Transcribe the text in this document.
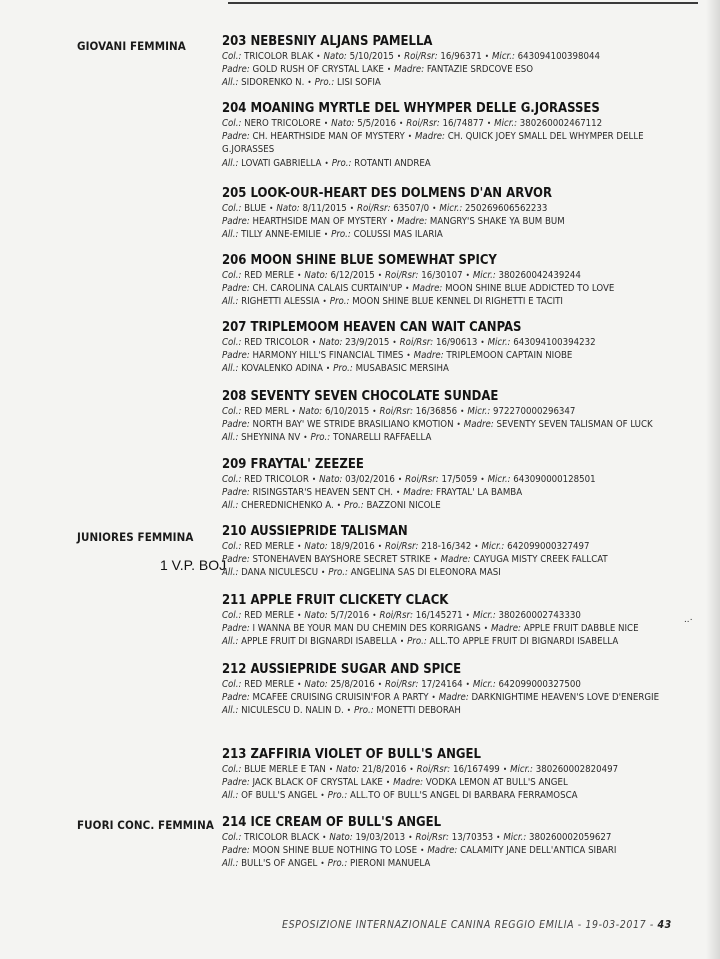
GIOVANI FEMMINA
JUNIORES FEMMINA
1 V.P. BOJ
FUORI CONC. FEMMINA
203 NEBESNIY ALJANS PAMELLA
Col.: TRICOLOR BLAK • Nato: 5/10/2015 • Roi/Rsr: 16/96371 • Micr.: 643094100398044
Padre: GOLD RUSH OF CRYSTAL LAKE • Madre: FANTAZIE SRDCOVE ESO
All.: SIDORENKO N. • Pro.: LISI SOFIA
204 MOANING MYRTLE DEL WHYMPER DELLE G.JORASSES
Col.: NERO TRICOLORE • Nato: 5/5/2016 • Roi/Rsr: 16/74877 • Micr.: 380260002467112
Padre: CH. HEARTHSIDE MAN OF MYSTERY • Madre: CH. QUICK JOEY SMALL DEL WHYMPER DELLE G.JORASSES
All.: LOVATI GABRIELLA • Pro.: ROTANTI ANDREA
205 LOOK-OUR-HEART DES DOLMENS D'AN ARVOR
Col.: BLUE • Nato: 8/11/2015 • Roi/Rsr: 63507/0 • Micr.: 250269606562233
Padre: HEARTHSIDE MAN OF MYSTERY • Madre: MANGRY'S SHAKE YA BUM BUM
All.: TILLY ANNE-EMILIE • Pro.: COLUSSI MAS ILARIA
206 MOON SHINE BLUE SOMEWHAT SPICY
Col.: RED MERLE • Nato: 6/12/2015 • Roi/Rsr: 16/30107 • Micr.: 380260042439244
Padre: CH. CAROLINA CALAIS CURTAIN'UP • Madre: MOON SHINE BLUE ADDICTED TO LOVE
All.: RIGHETTI ALESSIA • Pro.: MOON SHINE BLUE KENNEL DI RIGHETTI E TACITI
207 TRIPLEMOOM HEAVEN CAN WAIT CANPAS
Col.: RED TRICOLOR • Nato: 23/9/2015 • Roi/Rsr: 16/90613 • Micr.: 643094100394232
Padre: HARMONY HILL'S FINANCIAL TIMES • Madre: TRIPLEMOON CAPTAIN NIOBE
All.: KOVALENKO ADINA • Pro.: MUSABASIC MERSIHA
208 SEVENTY SEVEN CHOCOLATE SUNDAE
Col.: RED MERL • Nato: 6/10/2015 • Roi/Rsr: 16/36856 • Micr.: 972270000296347
Padre: NORTH BAY' WE STRIDE BRASILIANO KMOTION • Madre: SEVENTY SEVEN TALISMAN OF LUCK
All.: SHEYNINA NV • Pro.: TONARELLI RAFFAELLA
209 FRAYTAL' ZEEZEE
Col.: RED TRICOLOR • Nato: 03/02/2016 • Roi/Rsr: 17/5059 • Micr.: 643090000128501
Padre: RISINGSTAR'S HEAVEN SENT CH. • Madre: FRAYTAL' LA BAMBA
All.: CHEREDNICHENKO A. • Pro.: BAZZONI NICOLE
210 AUSSIEPRIDE TALISMAN
Col.: RED MERLE • Nato: 18/9/2016 • Roi/Rsr: 218-16/342 • Micr.: 642099000327497
Padre: STONEHAVEN BAYSHORE SECRET STRIKE • Madre: CAYUGA MISTY CREEK FALLCAT
All.: DANA NICULESCU • Pro.: ANGELINA SAS DI ELEONORA MASI
211 APPLE FRUIT CLICKETY CLACK
Col.: RED MERLE • Nato: 5/7/2016 • Roi/Rsr: 16/145271 • Micr.: 380260002743330
Padre: I WANNA BE YOUR MAN DU CHEMIN DES KORRIGANS • Madre: APPLE FRUIT DABBLE NICE
All.: APPLE FRUIT DI BIGNARDI ISABELLA • Pro.: ALL.TO APPLE FRUIT DI BIGNARDI ISABELLA
212 AUSSIEPRIDE SUGAR AND SPICE
Col.: RED MERLE • Nato: 25/8/2016 • Roi/Rsr: 17/24164 • Micr.: 642099000327500
Padre: MCAFEE CRUISING CRUISIN'FOR A PARTY • Madre: DARKNIGHTIME HEAVEN'S LOVE D'ENERGIE
All.: NICULESCU D. NALIN D. • Pro.: MONETTI DEBORAH
213 ZAFFIRIA VIOLET OF BULL'S ANGEL
Col.: BLUE MERLE E TAN • Nato: 21/8/2016 • Roi/Rsr: 16/167499 • Micr.: 380260002820497
Padre: JACK BLACK OF CRYSTAL LAKE • Madre: VODKA LEMON AT BULL'S ANGEL
All.: OF BULL'S ANGEL • Pro.: ALL.TO OF BULL'S ANGEL DI BARBARA FERRAMOSCA
214 ICE CREAM OF BULL'S ANGEL
Col.: TRICOLOR BLACK • Nato: 19/03/2013 • Roi/Rsr: 13/70353 • Micr.: 380260002059627
Padre: MOON SHINE BLUE NOTHING TO LOSE • Madre: CALAMITY JANE DELL'ANTICA SIBARI
All.: BULL'S OF ANGEL • Pro.: PIERONI MANUELA
..·
ESPOSIZIONE INTERNAZIONALE CANINA REGGIO EMILIA - 19-03-2017 - 43
